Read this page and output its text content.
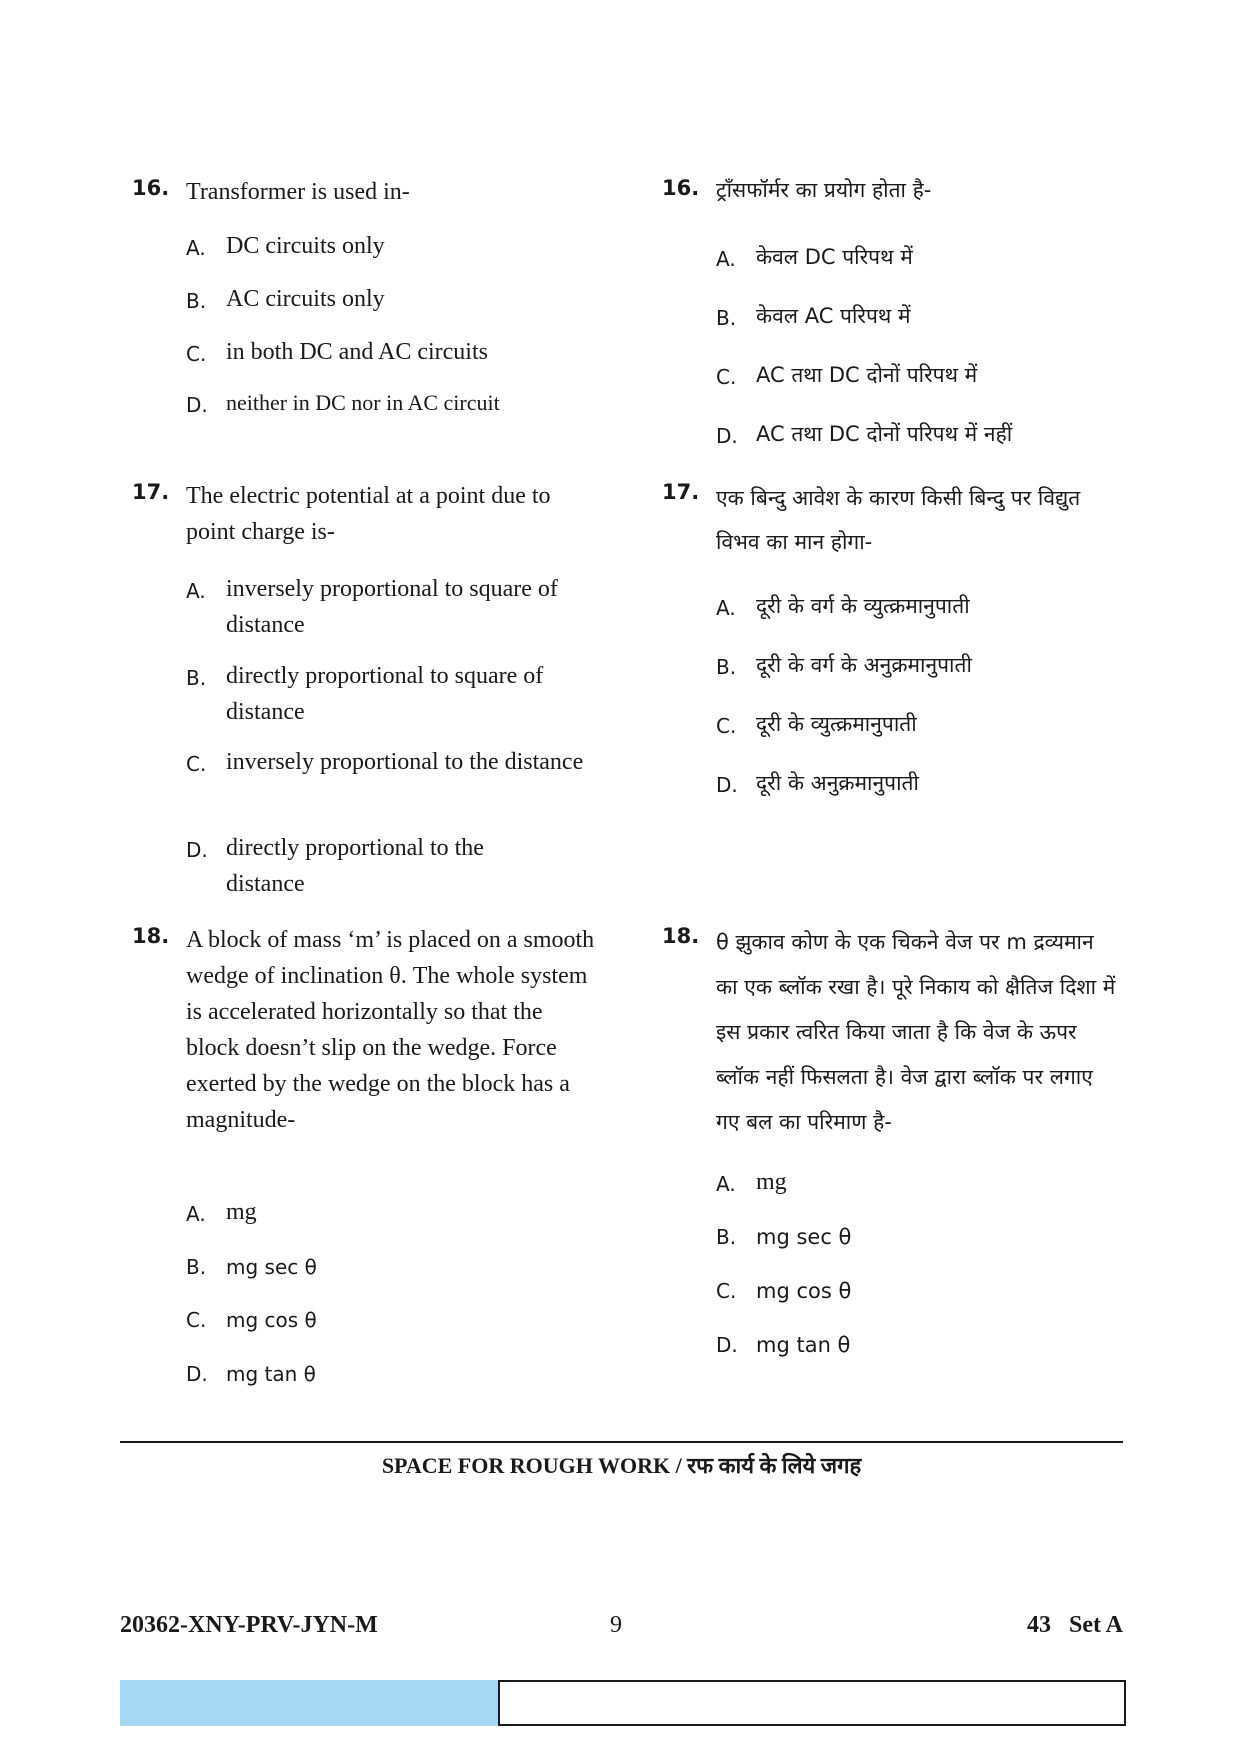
16. Transformer is used in-
A. DC circuits only
B. AC circuits only
C. in both DC and AC circuits
D. neither in DC nor in AC circuit
17. The electric potential at a point due to point charge is-
A. inversely proportional to square of distance
B. directly proportional to square of distance
C. inversely proportional to the distance
D. directly proportional to the distance
18. A block of mass ‘m’ is placed on a smooth wedge of inclination θ. The whole system is accelerated horizontally so that the block doesn’t slip on the wedge. Force exerted by the wedge on the block has a magnitude-
A. mg
B. mg sec θ
C. mg cos θ
D. mg tan θ
16. ट्राँसफॉर्मर का प्रयोग होता है-
A. केवल DC परिपथ में
B. केवल AC परिपथ में
C. AC तथा DC दोनों परिपथ में
D. AC तथा DC दोनों परिपथ में नहीं
17. एक बिन्दु आवेश के कारण किसी बिन्दु पर विद्युत विभव का मान होगा-
A. दूरी के वर्ग के व्युत्क्रमानुपाती
B. दूरी के वर्ग के अनुक्रमानुपाती
C. दूरी के व्युत्क्रमानुपाती
D. दूरी के अनुक्रमानुपाती
18. θ झुकाव कोण के एक चिकने वेज पर m द्रव्यमान का एक ब्लॉक रखा है। पूरे निकाय को क्षैतिज दिशा में इस प्रकार त्वरित किया जाता है कि वेज के ऊपर ब्लॉक नहीं फिसलता है। वेज द्वारा ब्लॉक पर लगाए गए बल का परिमाण है-
A. mg
B. mg sec θ
C. mg cos θ
D. mg tan θ
SPACE FOR ROUGH WORK / रफ कार्य के लिये जगह
20362-XNY-PRV-JYN-M	9	43   Set A
